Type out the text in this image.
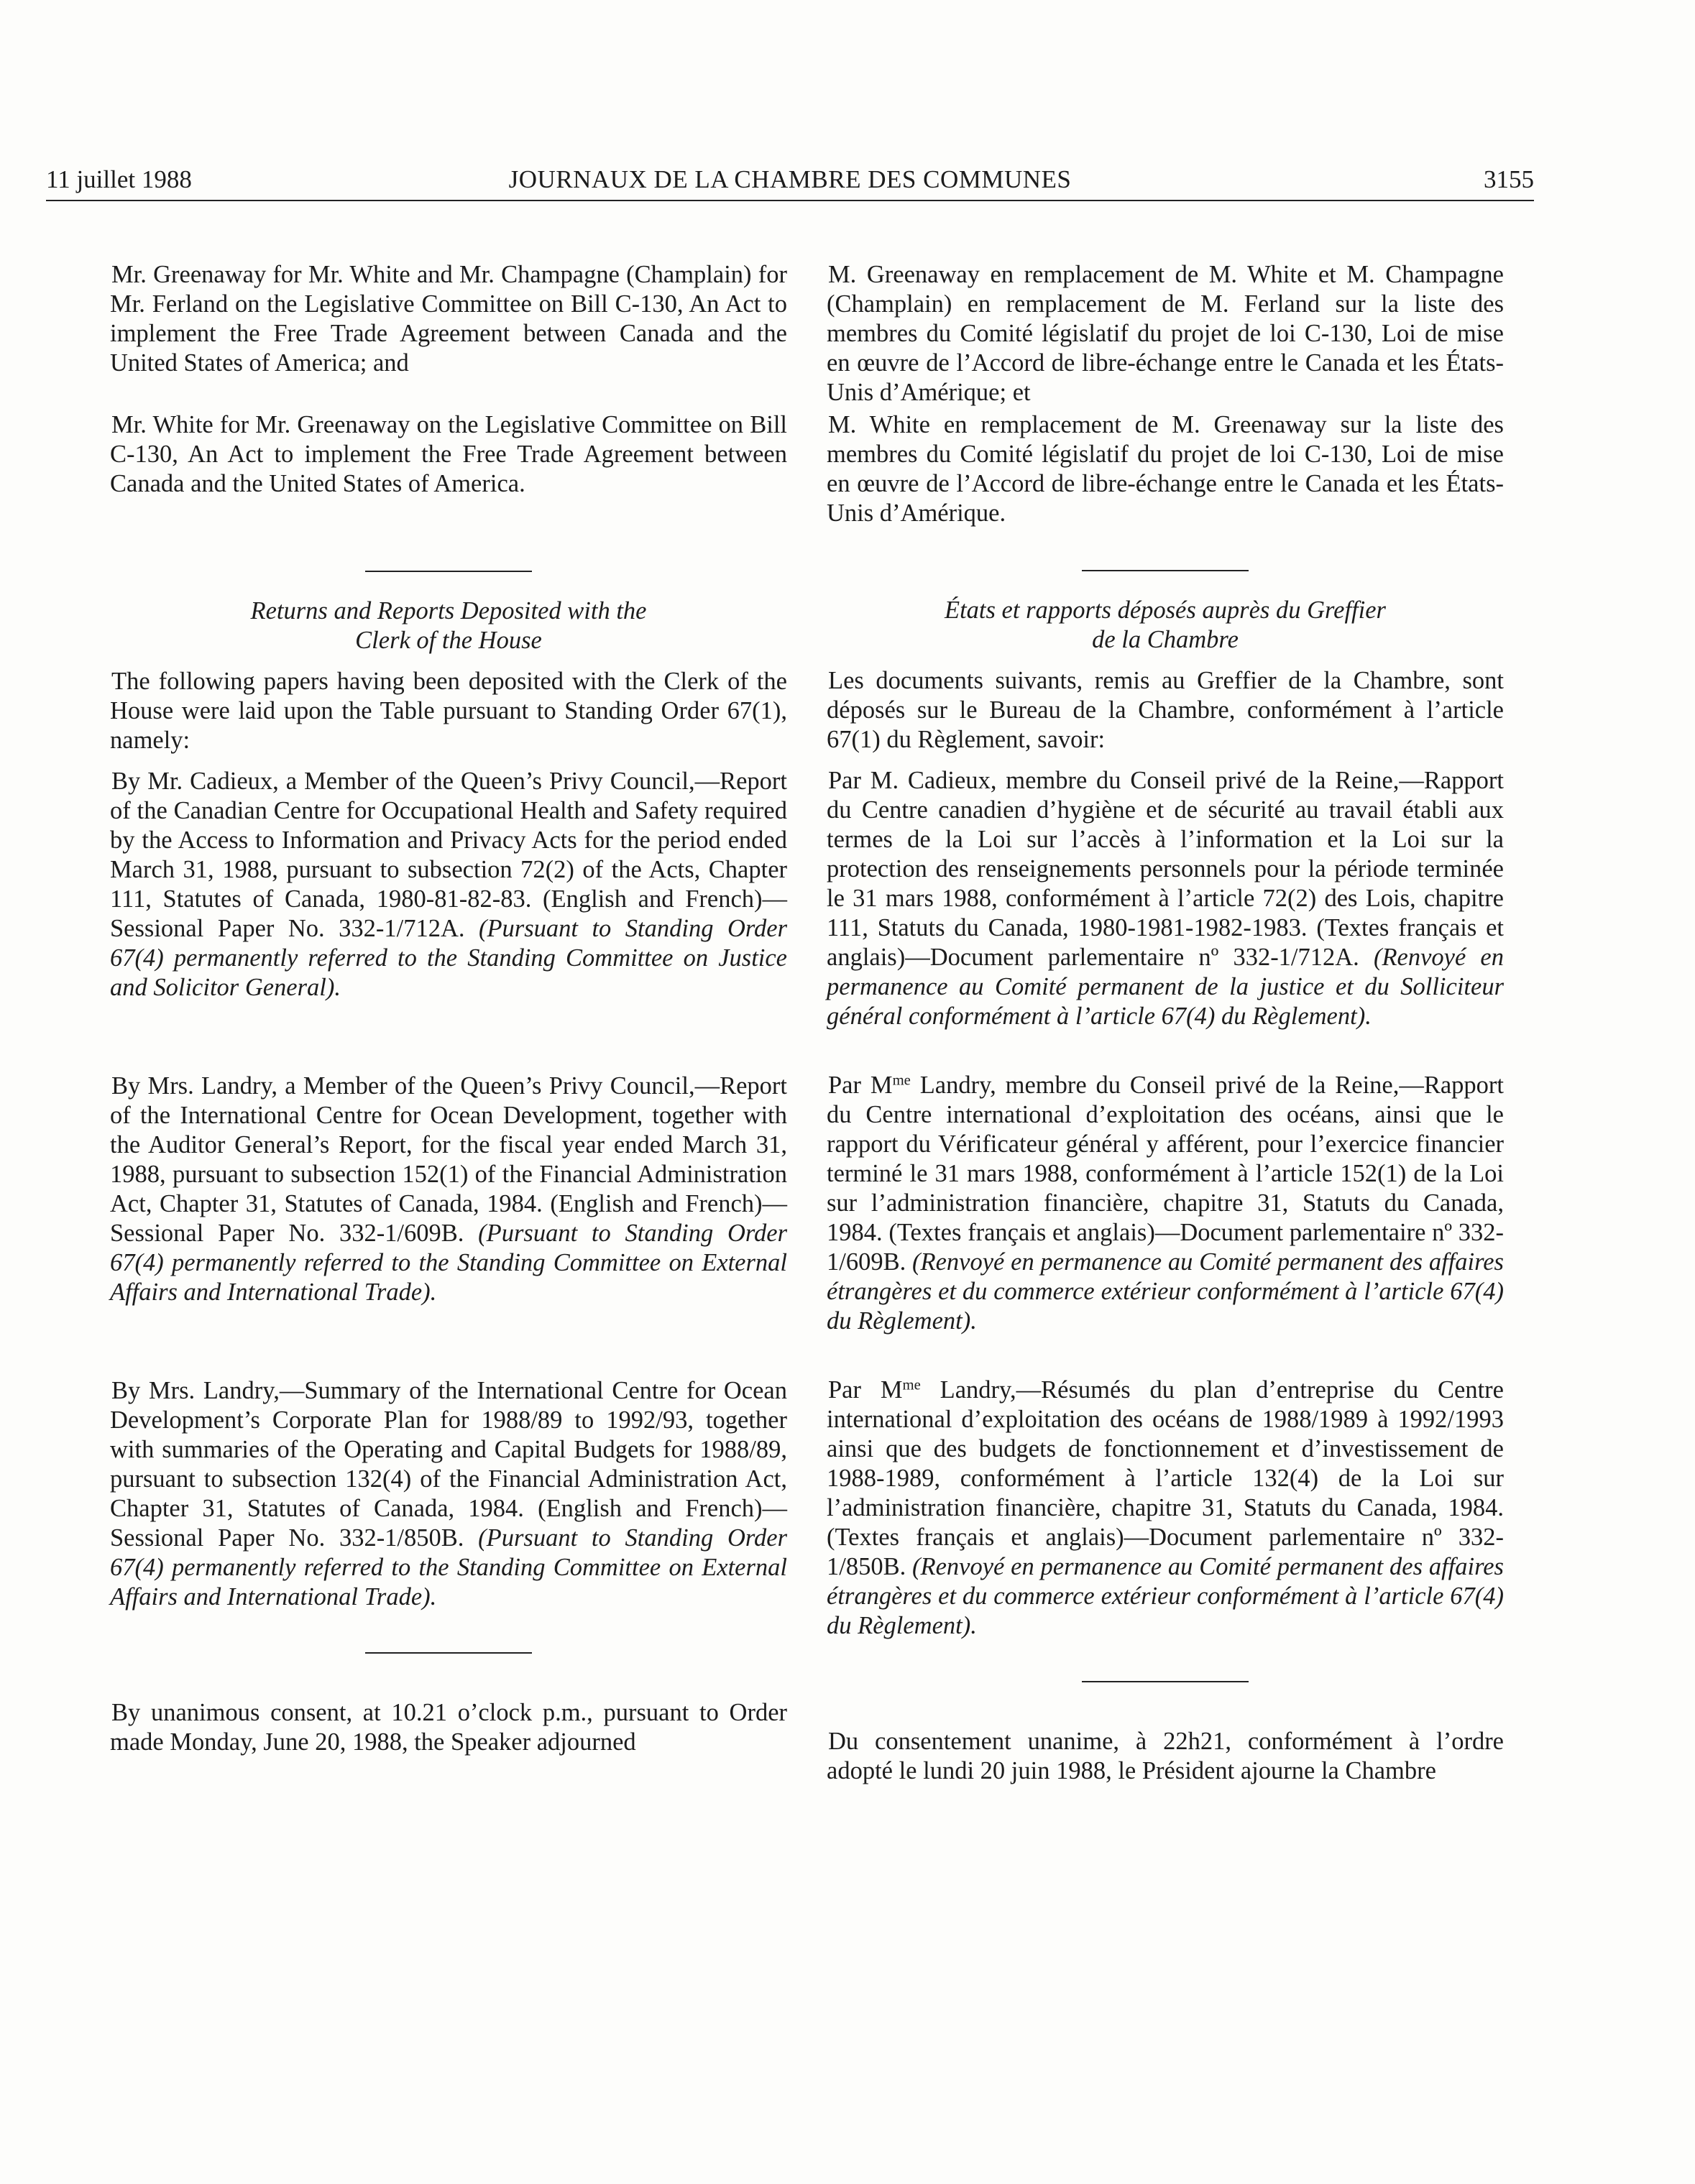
11 juillet 1988	JOURNAUX DE LA CHAMBRE DES COMMUNES	3155

Mr. Greenaway for Mr. White and Mr. Champagne (Champlain) for Mr. Ferland on the Legislative Committee on Bill C-130, An Act to implement the Free Trade Agreement between Canada and the United States of America; and

Mr. White for Mr. Greenaway on the Legislative Committee on Bill C-130, An Act to implement the Free Trade Agreement between Canada and the United States of America.

Returns and Reports Deposited with the
Clerk of the House

The following papers having been deposited with the Clerk of the House were laid upon the Table pursuant to Standing Order 67(1), namely:

By Mr. Cadieux, a Member of the Queen’s Privy Council,—Report of the Canadian Centre for Occupational Health and Safety required by the Access to Information and Privacy Acts for the period ended March 31, 1988, pursuant to subsection 72(2) of the Acts, Chapter 111, Statutes of Canada, 1980-81-82-83. (English and French)—Sessional Paper No. 332-1/712A. (Pursuant to Standing Order 67(4) permanently referred to the Standing Committee on Justice and Solicitor General).

By Mrs. Landry, a Member of the Queen’s Privy Council,—Report of the International Centre for Ocean Development, together with the Auditor General’s Report, for the fiscal year ended March 31, 1988, pursuant to subsection 152(1) of the Financial Administration Act, Chapter 31, Statutes of Canada, 1984. (English and French)—Sessional Paper No. 332-1/609B. (Pursuant to Standing Order 67(4) permanently referred to the Standing Committee on External Affairs and International Trade).

By Mrs. Landry,—Summary of the International Centre for Ocean Development’s Corporate Plan for 1988/89 to 1992/93, together with summaries of the Operating and Capital Budgets for 1988/89, pursuant to subsection 132(4) of the Financial Administration Act, Chapter 31, Statutes of Canada, 1984. (English and French)—Sessional Paper No. 332-1/850B. (Pursuant to Standing Order 67(4) permanently referred to the Standing Committee on External Affairs and International Trade).

By unanimous consent, at 10.21 o’clock p.m., pursuant to Order made Monday, June 20, 1988, the Speaker adjourned

M. Greenaway en remplacement de M. White et M. Champagne (Champlain) en remplacement de M. Ferland sur la liste des membres du Comité législatif du projet de loi C-130, Loi de mise en œuvre de l’Accord de libre-échange entre le Canada et les États-Unis d’Amérique; et

M. White en remplacement de M. Greenaway sur la liste des membres du Comité législatif du projet de loi C-130, Loi de mise en œuvre de l’Accord de libre-échange entre le Canada et les États-Unis d’Amérique.

États et rapports déposés auprès du Greffier
de la Chambre

Les documents suivants, remis au Greffier de la Chambre, sont déposés sur le Bureau de la Chambre, conformément à l’article 67(1) du Règlement, savoir:

Par M. Cadieux, membre du Conseil privé de la Reine,—Rapport du Centre canadien d’hygiène et de sécurité au travail établi aux termes de la Loi sur l’accès à l’information et la Loi sur la protection des renseignements personnels pour la période terminée le 31 mars 1988, conformément à l’article 72(2) des Lois, chapitre 111, Statuts du Canada, 1980-1981-1982-1983. (Textes français et anglais)—Document parlementaire nº 332-1/712A. (Renvoyé en permanence au Comité permanent de la justice et du Solliciteur général conformément à l’article 67(4) du Règlement).

Par $M^{me}$ Landry, membre du Conseil privé de la Reine,—Rapport du Centre international d’exploitation des océans, ainsi que le rapport du Vérificateur général y afférent, pour l’exercice financier terminé le 31 mars 1988, conformément à l’article 152(1) de la Loi sur l’administration financière, chapitre 31, Statuts du Canada, 1984. (Textes français et anglais)—Document parlementaire nº 332-1/609B. (Renvoyé en permanence au Comité permanent des affaires étrangères et du commerce extérieur conformément à l’article 67(4) du Règlement).

Par $M^{me}$ Landry,—Résumés du plan d’entreprise du Centre international d’exploitation des océans de 1988/1989 à 1992/1993 ainsi que des budgets de fonctionnement et d’investissement de 1988-1989, conformément à l’article 132(4) de la Loi sur l’administration financière, chapitre 31, Statuts du Canada, 1984. (Textes français et anglais)—Document parlementaire nº 332-1/850B. (Renvoyé en permanence au Comité permanent des affaires étrangères et du commerce extérieur conformément à l’article 67(4) du Règlement).

Du consentement unanime, à 22h21, conformément à l’ordre adopté le lundi 20 juin 1988, le Président ajourne la Chambre
